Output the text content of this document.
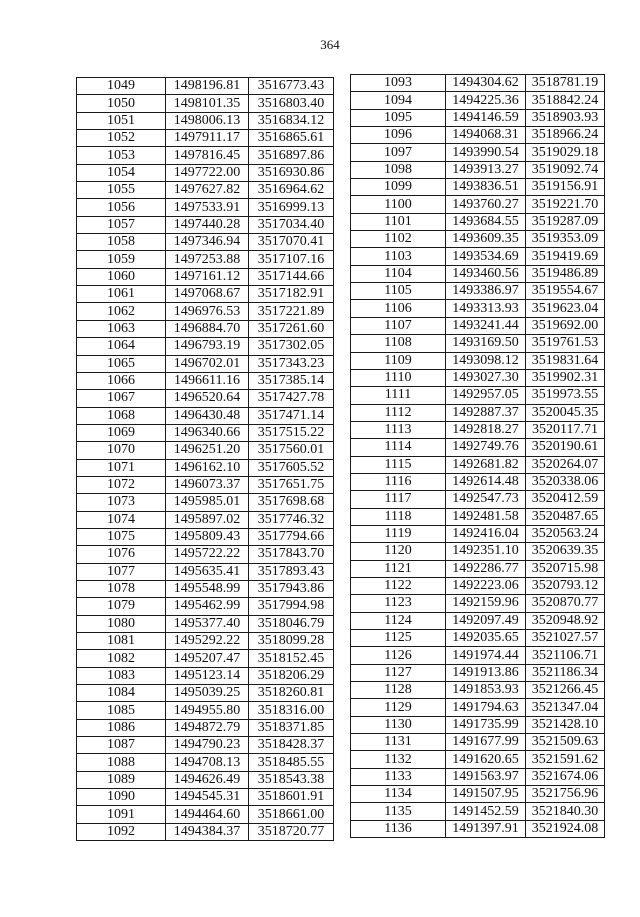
364
1049	1498196.81	3516773.43
1050	1498101.35	3516803.40
1051	1498006.13	3516834.12
1052	1497911.17	3516865.61
1053	1497816.45	3516897.86
1054	1497722.00	3516930.86
1055	1497627.82	3516964.62
1056	1497533.91	3516999.13
1057	1497440.28	3517034.40
1058	1497346.94	3517070.41
1059	1497253.88	3517107.16
1060	1497161.12	3517144.66
1061	1497068.67	3517182.91
1062	1496976.53	3517221.89
1063	1496884.70	3517261.60
1064	1496793.19	3517302.05
1065	1496702.01	3517343.23
1066	1496611.16	3517385.14
1067	1496520.64	3517427.78
1068	1496430.48	3517471.14
1069	1496340.66	3517515.22
1070	1496251.20	3517560.01
1071	1496162.10	3517605.52
1072	1496073.37	3517651.75
1073	1495985.01	3517698.68
1074	1495897.02	3517746.32
1075	1495809.43	3517794.66
1076	1495722.22	3517843.70
1077	1495635.41	3517893.43
1078	1495548.99	3517943.86
1079	1495462.99	3517994.98
1080	1495377.40	3518046.79
1081	1495292.22	3518099.28
1082	1495207.47	3518152.45
1083	1495123.14	3518206.29
1084	1495039.25	3518260.81
1085	1494955.80	3518316.00
1086	1494872.79	3518371.85
1087	1494790.23	3518428.37
1088	1494708.13	3518485.55
1089	1494626.49	3518543.38
1090	1494545.31	3518601.91
1091	1494464.60	3518661.00
1092	1494384.37	3518720.77
1093	1494304.62 3518781.19
1094	1494225.36 3518842.24
1095	1494146.59 3518903.93
1096	1494068.31 3518966.24
1097	1493990.54 3519029.18
1098	1493913.27 3519092.74
1099	1493836.51 3519156.91
1100	1493760.27 3519221.70
1101	1493684.55 3519287.09
1102	1493609.35 3519353.09
1103	1493534.69 3519419.69
1104	1493460.56 3519486.89
1105	1493386.97 3519554.67
1106	1493313.93 3519623.04
1107	1493241.44 3519692.00
1108	1493169.50 3519761.53
1109	1493098.12 3519831.64
1110	1493027.30 3519902.31
1111	1492957.05 3519973.55
1112	1492887.37 3520045.35
1113	1492818.27 3520117.71
1114	1492749.76 3520190.61
1115	1492681.82 3520264.07
1116	1492614.48 3520338.06
1117	1492547.73 3520412.59
1118	1492481.58 3520487.65
1119	1492416.04 3520563.24
1120	1492351.10 3520639.35
1121	1492286.77 3520715.98
1122	1492223.06 3520793.12
1123	1492159.96 3520870.77
1124	1492097.49 3520948.92
1125	1492035.65 3521027.57
1126	1491974.44 3521106.71
1127	1491913.86 3521186.34
1128	1491853.93 3521266.45
1129	1491794.63 3521347.04
1130	1491735.99 3521428.10
1131	1491677.99 3521509.63
1132	1491620.65 3521591.62
1133	1491563.97 3521674.06
1134	1491507.95 3521756.96
1135	1491452.59 3521840.30
1136	1491397.91 3521924.08
